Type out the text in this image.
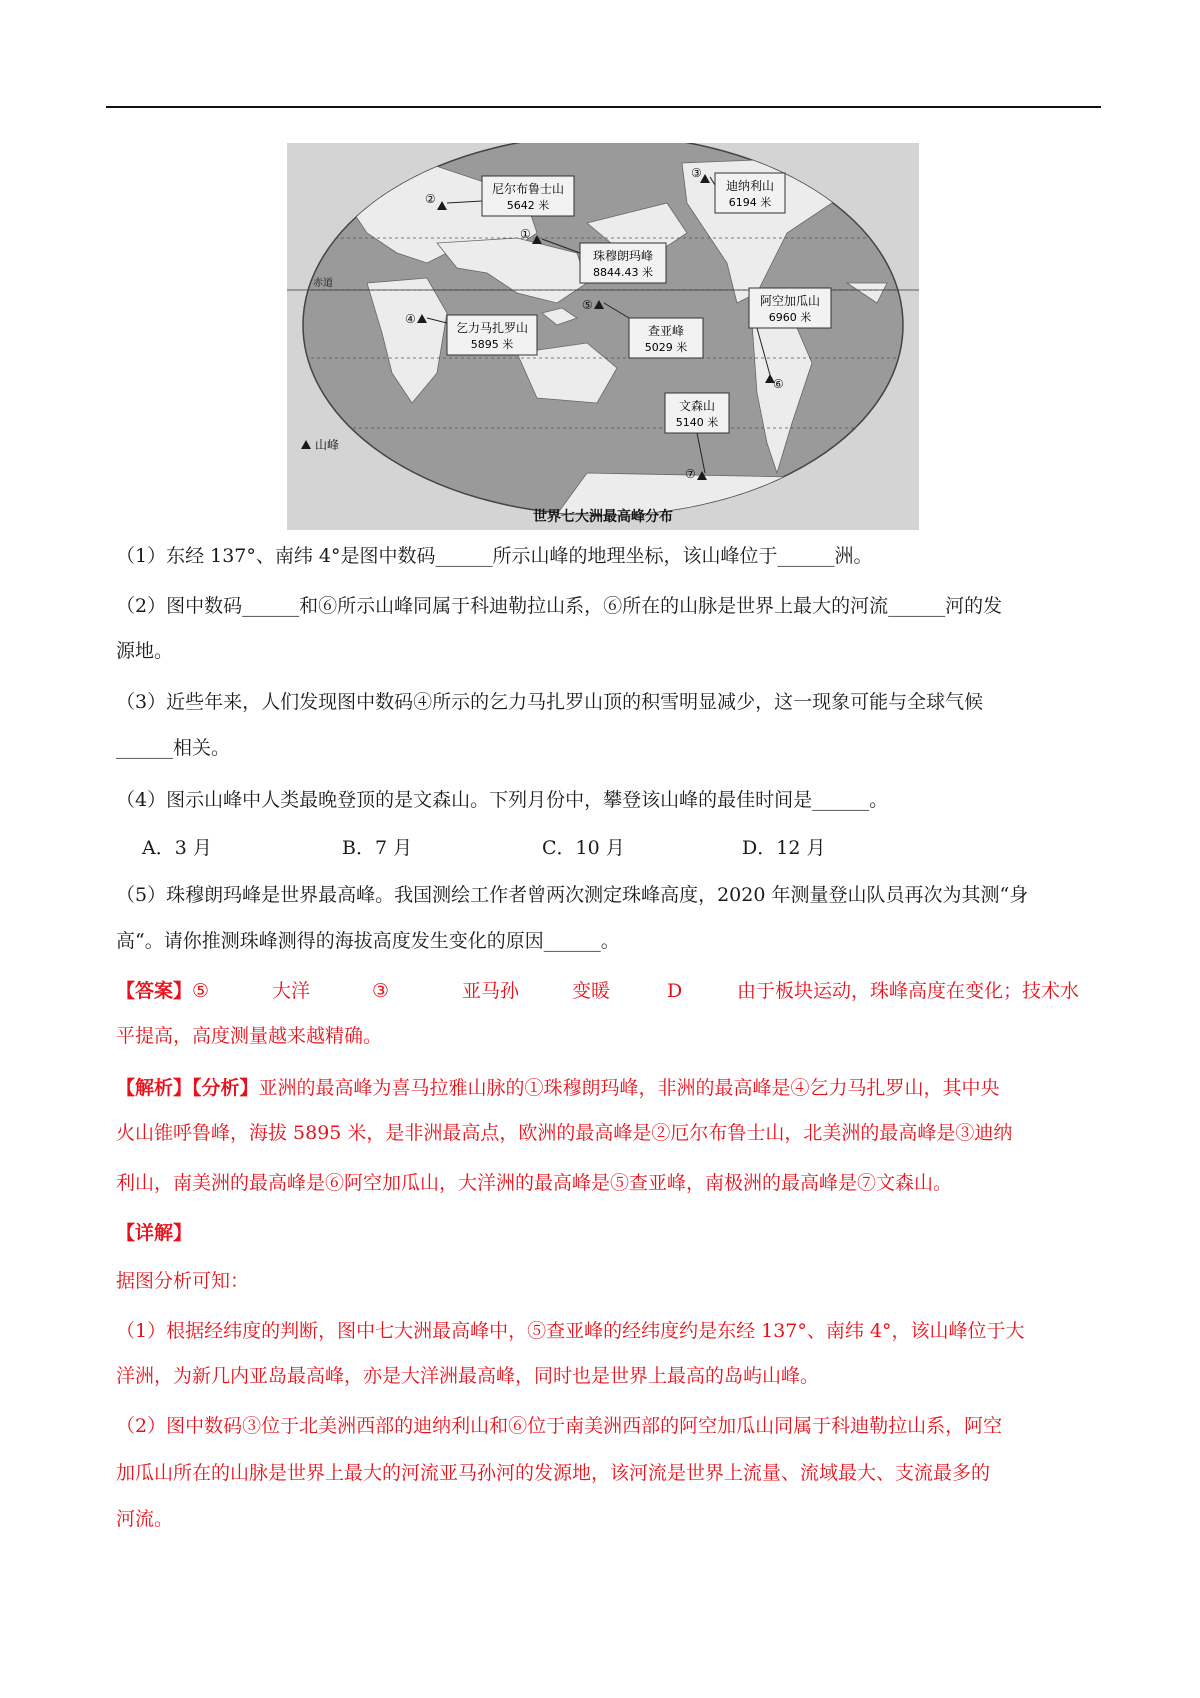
②
③
①
④
⑤
⑥
⑦
尼尔布鲁士山
5642 米
迪纳利山
6194 米
珠穆朗玛峰
8844.43 米
乞力马扎罗山
5895 米
查亚峰
5029 米
阿空加瓜山
6960 米
文森山
5140 米
赤道
山峰
世界七大洲最高峰分布
（1）东经 137°、南纬 4°是图中数码______所示山峰的地理坐标，该山峰位于______洲。
（2）图中数码______和⑥所示山峰同属于科迪勒拉山系，⑥所在的山脉是世界上最大的河流______河的发
源地。
（3）近些年来，人们发现图中数码④所示的乞力马扎罗山顶的积雪明显减少，这一现象可能与全球气候
______相关。
（4）图示山峰中人类最晚登顶的是文森山。下列月份中，攀登该山峰的最佳时间是______。
A．3 月	B．7 月	C．10 月	D．12 月
（5）珠穆朗玛峰是世界最高峰。我国测绘工作者曾两次测定珠峰高度，2020 年测量登山队员再次为其测“身
高“。请你推测珠峰测得的海拔高度发生变化的原因______。
【答案】⑤	大洋	③	亚马孙	变暖	D	由于板块运动，珠峰高度在变化；技术水
平提高，高度测量越来越精确。
【解析】【分析】亚洲的最高峰为喜马拉雅山脉的①珠穆朗玛峰，非洲的最高峰是④乞力马扎罗山，其中央
火山锥呼鲁峰，海拔 5895 米，是非洲最高点，欧洲的最高峰是②厄尔布鲁士山，北美洲的最高峰是③迪纳
利山，南美洲的最高峰是⑥阿空加瓜山，大洋洲的最高峰是⑤查亚峰，南极洲的最高峰是⑦文森山。
【详解】
据图分析可知：
（1）根据经纬度的判断，图中七大洲最高峰中，⑤查亚峰的经纬度约是东经 137°、南纬 4°，该山峰位于大
洋洲，为新几内亚岛最高峰，亦是大洋洲最高峰，同时也是世界上最高的岛屿山峰。
（2）图中数码③位于北美洲西部的迪纳利山和⑥位于南美洲西部的阿空加瓜山同属于科迪勒拉山系，阿空
加瓜山所在的山脉是世界上最大的河流亚马孙河的发源地，该河流是世界上流量、流域最大、支流最多的
河流。
